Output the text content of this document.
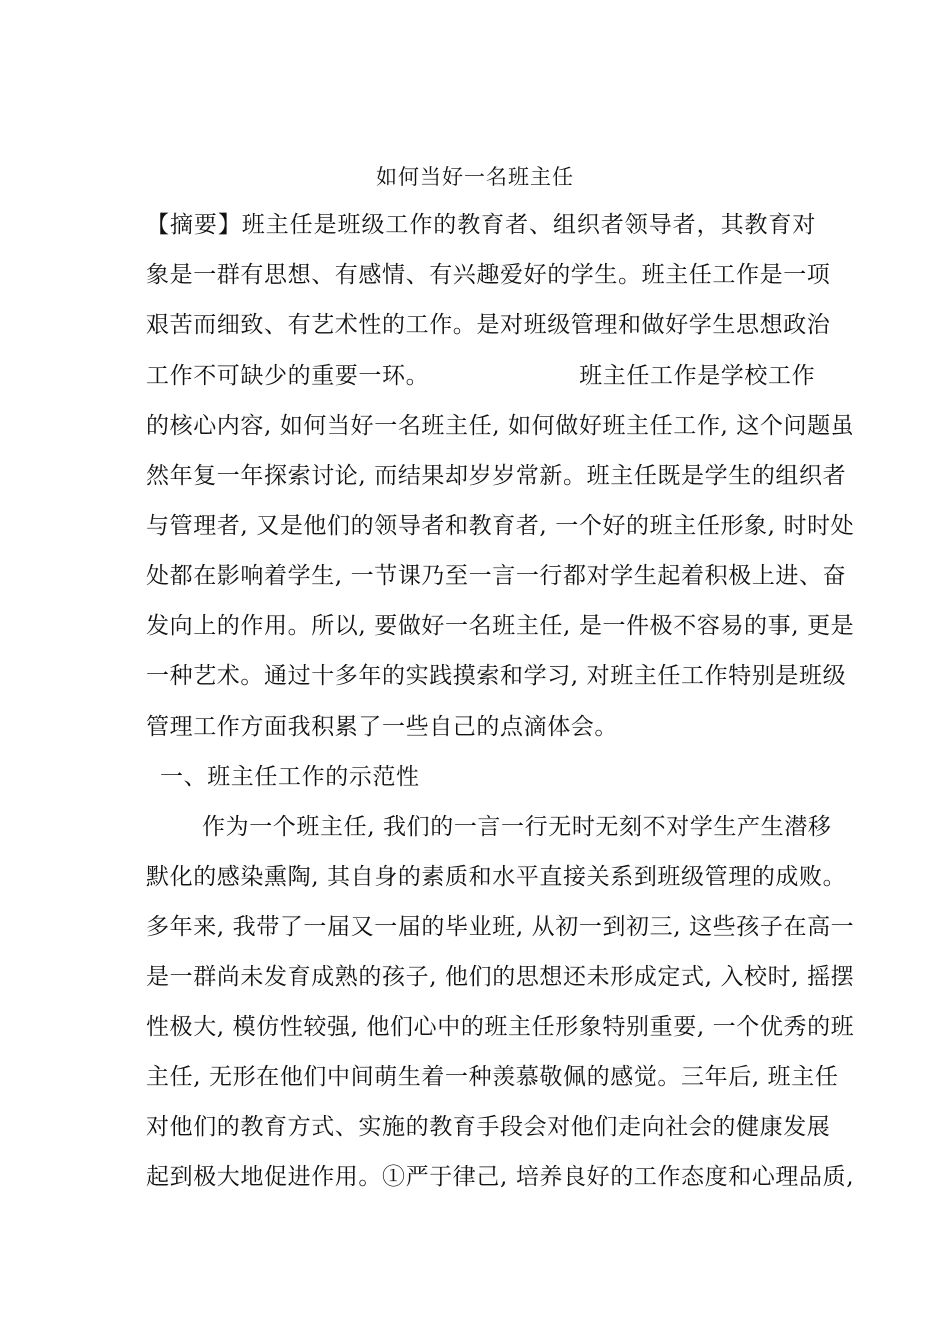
如何当好一名班主任
【摘要】班主任是班级工作的教育者、组织者领导者，其教育对
象是一群有思想、有感情、有兴趣爱好的学生。班主任工作是一项
艰苦而细致、有艺术性的工作。是对班级管理和做好学生思想政治
工作不可缺少的重要一环。	班主任工作是学校工作
的核心内容, 如何当好一名班主任, 如何做好班主任工作, 这个问题虽
然年复一年探索讨论, 而结果却岁岁常新。班主任既是学生的组织者
与管理者, 又是他们的领导者和教育者, 一个好的班主任形象, 时时处
处都在影响着学生, 一节课乃至一言一行都对学生起着积极上进、奋
发向上的作用。所以, 要做好一名班主任, 是一件极不容易的事, 更是
一种艺术。通过十多年的实践摸索和学习, 对班主任工作特别是班级
管理工作方面我积累了一些自己的点滴体会。
一、班主任工作的示范性
作为一个班主任, 我们的一言一行无时无刻不对学生产生潜移
默化的感染熏陶, 其自身的素质和水平直接关系到班级管理的成败。
多年来, 我带了一届又一届的毕业班, 从初一到初三, 这些孩子在高一
是一群尚未发育成熟的孩子, 他们的思想还未形成定式, 入校时, 摇摆
性极大, 模仿性较强, 他们心中的班主任形象特别重要, 一个优秀的班
主任, 无形在他们中间萌生着一种羡慕敬佩的感觉。三年后, 班主任
对他们的教育方式、实施的教育手段会对他们走向社会的健康发展
起到极大地促进作用。①严于律己, 培养良好的工作态度和心理品质,
